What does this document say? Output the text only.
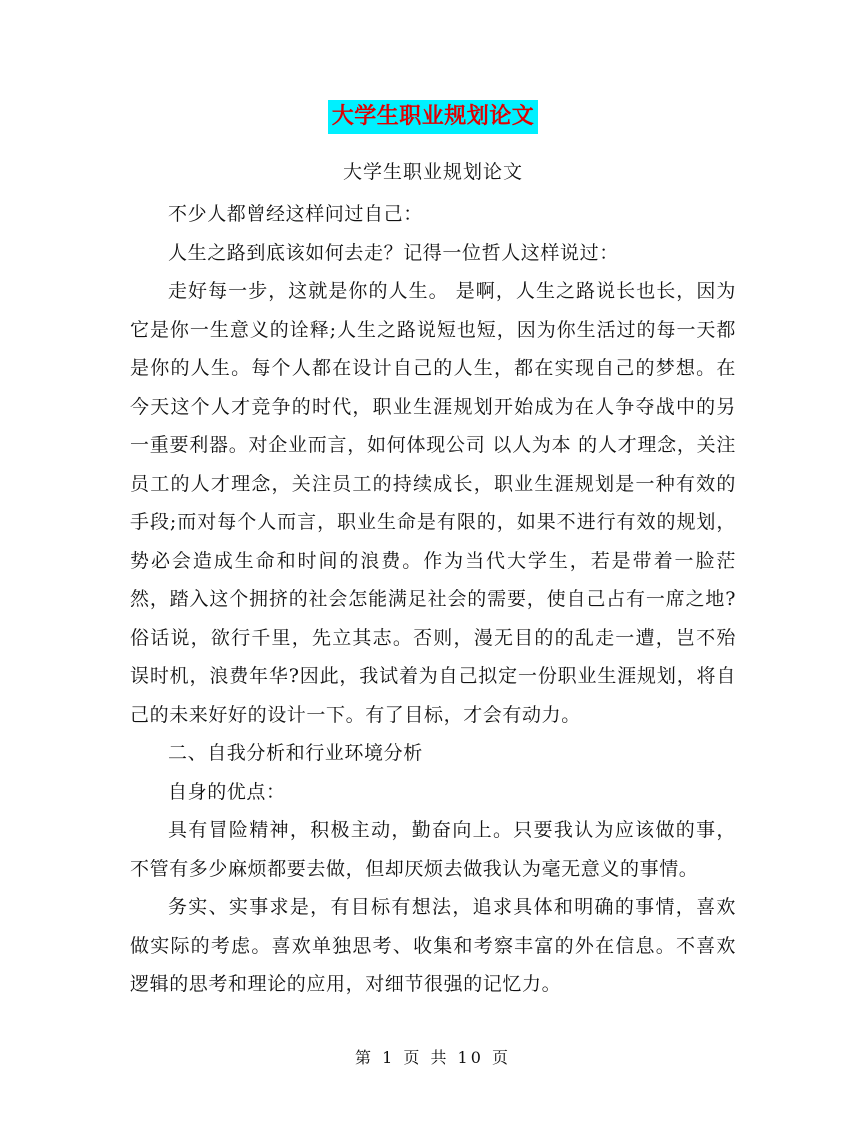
大学生职业规划论文
大学生职业规划论文

不少人都曾经这样问过自己：

人生之路到底该如何去走？记得一位哲人这样说过：

走好每一步，这就是你的人生。 是啊，人生之路说长也长，因为它是你一生意义的诠释;人生之路说短也短，因为你生活过的每一天都是你的人生。每个人都在设计自己的人生，都在实现自己的梦想。在今天这个人才竞争的时代，职业生涯规划开始成为在人争夺战中的另一重要利器。对企业而言，如何体现公司 以人为本 的人才理念，关注员工的人才理念，关注员工的持续成长，职业生涯规划是一种有效的手段;而对每个人而言，职业生命是有限的，如果不进行有效的规划，势必会造成生命和时间的浪费。作为当代大学生，若是带着一脸茫然，踏入这个拥挤的社会怎能满足社会的需要，使自己占有一席之地?俗话说，欲行千里，先立其志。否则，漫无目的的乱走一遭，岂不殆误时机，浪费年华?因此，我试着为自己拟定一份职业生涯规划，将自己的未来好好的设计一下。有了目标，才会有动力。

二、自我分析和行业环境分析

自身的优点：

具有冒险精神，积极主动，勤奋向上。只要我认为应该做的事，不管有多少麻烦都要去做，但却厌烦去做我认为毫无意义的事情。

务实、实事求是，有目标有想法，追求具体和明确的事情，喜欢做实际的考虑。喜欢单独思考、收集和考察丰富的外在信息。不喜欢逻辑的思考和理论的应用，对细节很强的记忆力。

第 1 页 共 10 页
